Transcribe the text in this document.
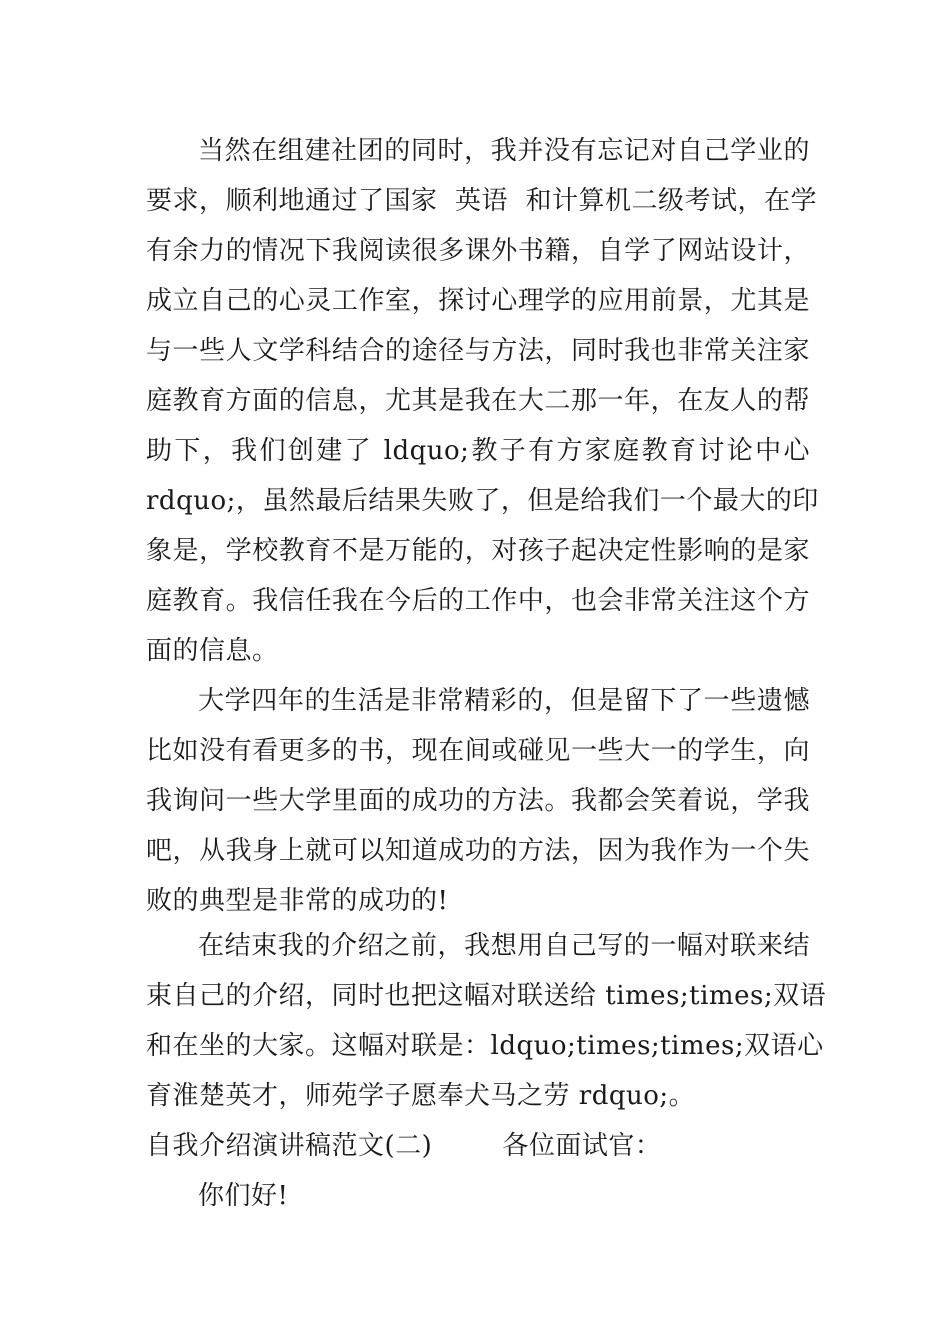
当然在组建社团的同时，我并没有忘记对自己学业的
要求，顺利地通过了国家  英语  和计算机二级考试，在学
有余力的情况下我阅读很多课外书籍，自学了网站设计，
成立自己的心灵工作室，探讨心理学的应用前景，尤其是
与一些人文学科结合的途径与方法，同时我也非常关注家
庭教育方面的信息，尤其是我在大二那一年，在友人的帮
助下，我们创建了 ldquo;教子有方家庭教育讨论中心
rdquo;，虽然最后结果失败了，但是给我们一个最大的印
象是，学校教育不是万能的，对孩子起决定性影响的是家
庭教育。我信任我在今后的工作中，也会非常关注这个方
面的信息。
大学四年的生活是非常精彩的，但是留下了一些遗憾
比如没有看更多的书，现在间或碰见一些大一的学生，向
我询问一些大学里面的成功的方法。我都会笑着说，学我
吧，从我身上就可以知道成功的方法，因为我作为一个失
败的典型是非常的成功的!
在结束我的介绍之前，我想用自己写的一幅对联来结
束自己的介绍，同时也把这幅对联送给 times;times;双语
和在坐的大家。这幅对联是：ldquo;times;times;双语心
育淮楚英才，师苑学子愿奉犬马之劳 rdquo;。
自我介绍演讲稿范文(二)        各位面试官：
你们好!
